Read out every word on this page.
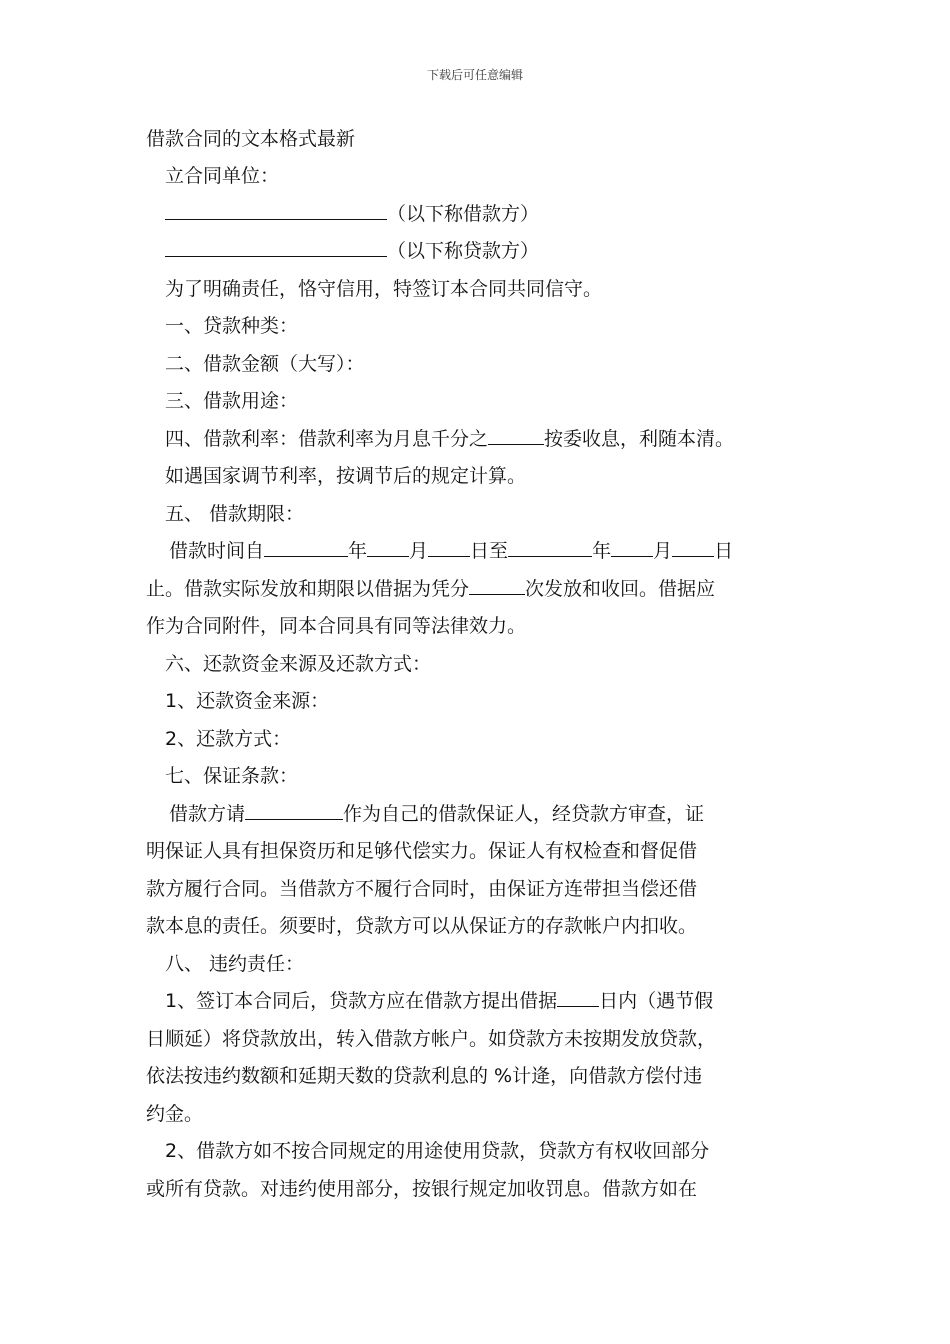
下载后可任意编辑

借款合同的文本格式最新

立合同单位：

（以下称借款方）

（以下称贷款方）

为了明确责任，恪守信用，特签订本合同共同信守。

一、贷款种类：

二、借款金额（大写）：

三、借款用途：

四、借款利率：借款利率为月息千分之	按委收息，利随本清。

如遇国家调节利率，按调节后的规定计算。

五、 借款期限：

借款时间自	年 月 日至	年 月 日

止。借款实际发放和期限以借据为凭分	次发放和收回。借据应

作为合同附件，同本合同具有同等法律效力。

六、还款资金来源及还款方式：

1、还款资金来源：

2、还款方式：

七、保证条款：

借款方请	作为自己的借款保证人，经贷款方审查，证

明保证人具有担保资历和足够代偿实力。保证人有权检查和督促借

款方履行合同。当借款方不履行合同时，由保证方连带担当偿还借

款本息的责任。须要时，贷款方可以从保证方的存款帐户内扣收。

八、 违约责任：

1、签订本合同后，贷款方应在借款方提出借据 日内（遇节假

日顺延）将贷款放出，转入借款方帐户。如贷款方未按期发放贷款，

依法按违约数额和延期天数的贷款利息的 %计逄，向借款方偿付违

约金。

2、借款方如不按合同规定的用途使用贷款，贷款方有权收回部分

或所有贷款。对违约使用部分，按银行规定加收罚息。借款方如在
